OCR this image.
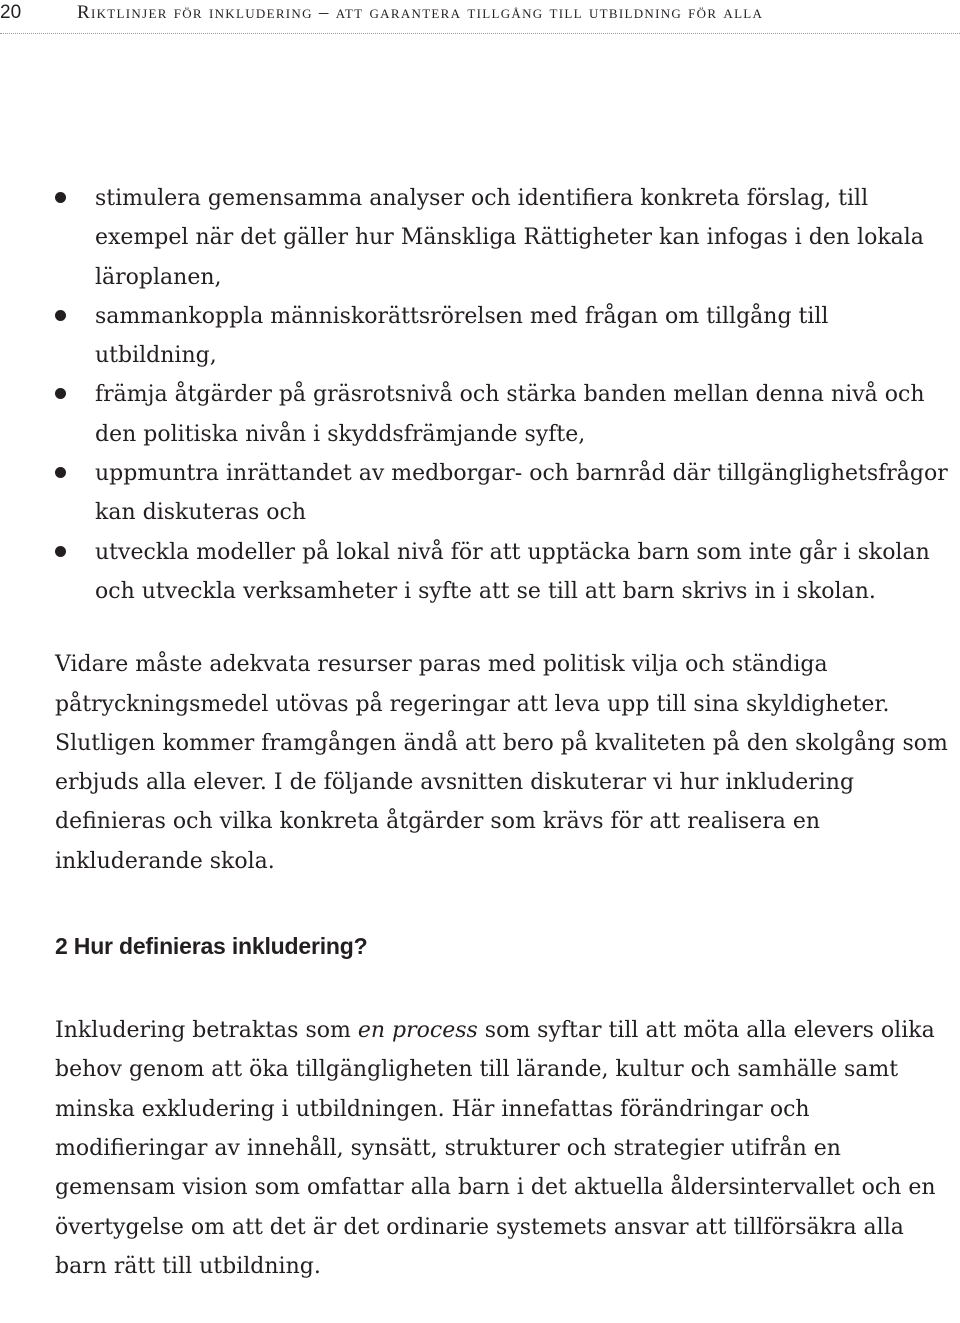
20	Riktlinjer för inkludering – att garantera tillgång till utbildning för alla
stimulera gemensamma analyser och identifiera konkreta förslag, till exempel när det gäller hur Mänskliga Rättigheter kan infogas i den lokala läroplanen,
sammankoppla människorättsrörelsen med frågan om tillgång till utbildning,
främja åtgärder på gräsrotsnivå och stärka banden mellan denna nivå och den politiska nivån i skyddsfrämjande syfte,
uppmuntra inrättandet av medborgar- och barnråd där tillgänglighetsfrågor kan diskuteras och
utveckla modeller på lokal nivå för att upptäcka barn som inte går i skolan och utveckla verksamheter i syfte att se till att barn skrivs in i skolan.

Vidare måste adekvata resurser paras med politisk vilja och ständiga påtryckningsmedel utövas på regeringar att leva upp till sina skyldigheter. Slutligen kommer framgången ändå att bero på kvaliteten på den skolgång som erbjuds alla elever. I de följande avsnitten diskuterar vi hur inkludering definieras och vilka konkreta åtgärder som krävs för att realisera en inkluderande skola.

2 Hur definieras inkludering?

Inkludering betraktas som en process som syftar till att möta alla elevers olika behov genom att öka tillgängligheten till lärande, kultur och samhälle samt minska exkludering i utbildningen. Här innefattas förändringar och modifieringar av innehåll, synsätt, strukturer och strategier utifrån en gemensam vision som omfattar alla barn i det aktuella åldersintervallet och en övertygelse om att det är det ordinarie systemets ansvar att tillförsäkra alla barn rätt till utbildning.
